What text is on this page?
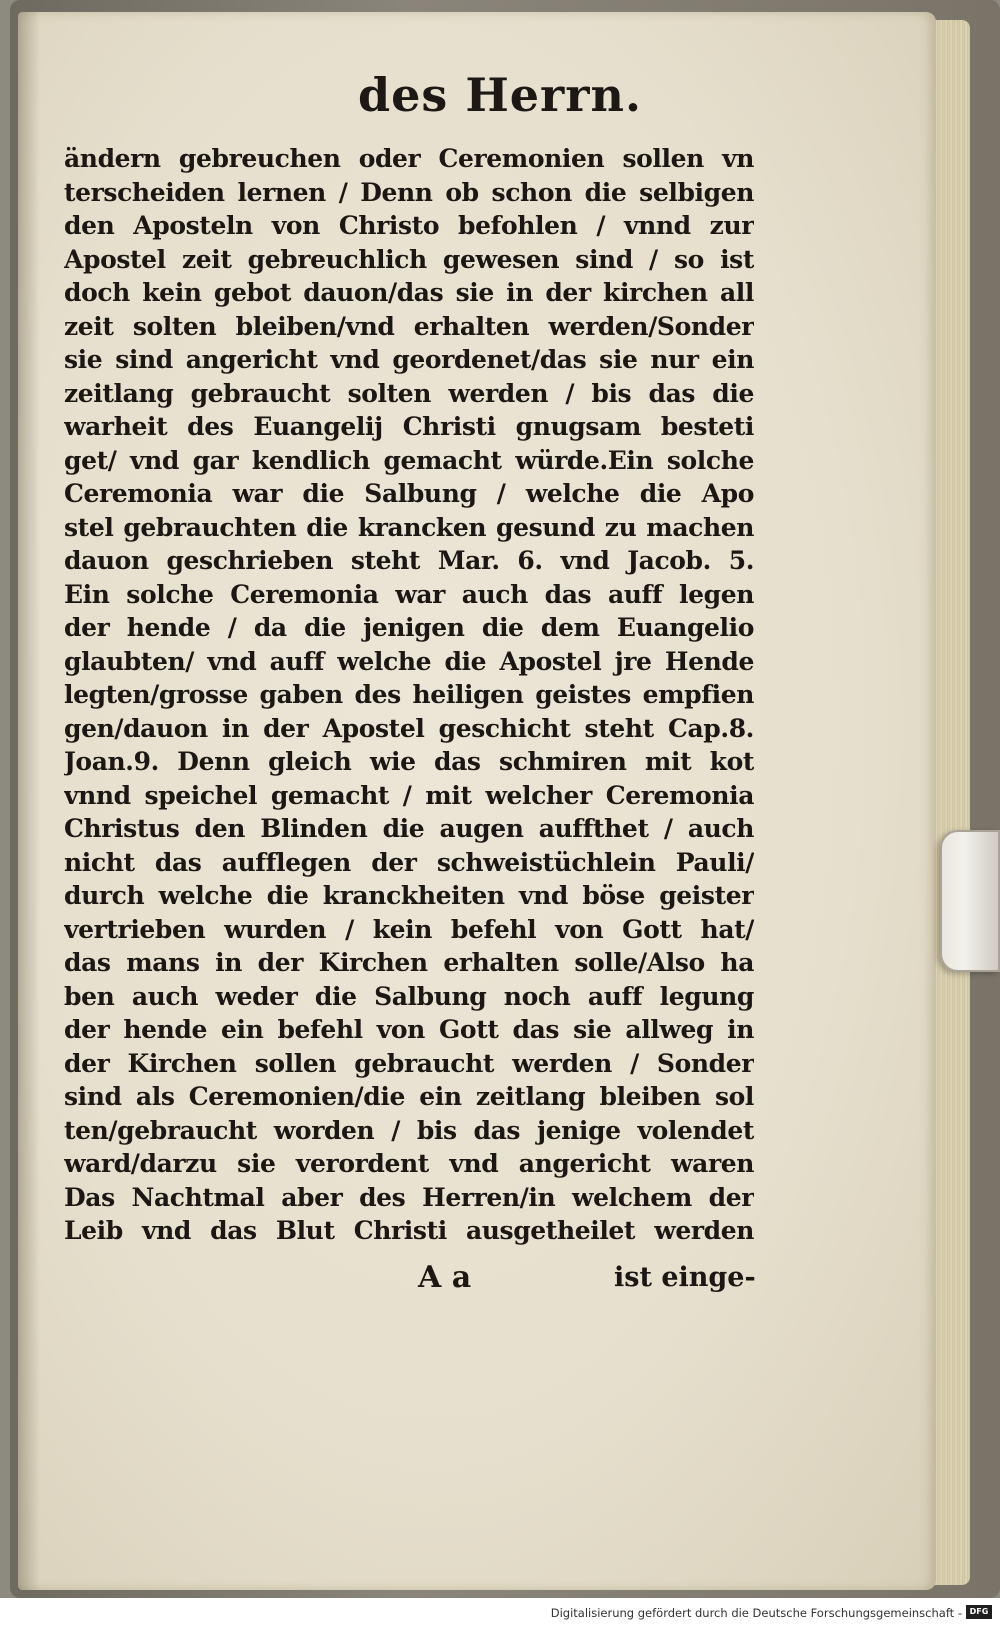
des Herrn.
ändern gebreuchen oder Ceremonien sollen vn
terscheiden lernen / Denn ob schon die selbigen
den Aposteln von Christo befohlen / vnnd zur
Apostel zeit gebreuchlich gewesen sind / so ist
doch kein gebot dauon/das sie in der kirchen all
zeit solten bleiben/vnd erhalten werden/Sonder
sie sind angericht vnd geordenet/das sie nur ein
zeitlang gebraucht solten werden / bis das die
warheit des Euangelij Christi gnugsam besteti
get/ vnd gar kendlich gemacht würde.Ein solche
Ceremonia war die Salbung / welche die Apo
stel gebrauchten die krancken gesund zu machen
dauon geschrieben steht Mar. 6. vnd Jacob. 5.
Ein solche Ceremonia war auch das auff legen
der hende / da die jenigen die dem Euangelio
glaubten/ vnd auff welche die Apostel jre Hende
legten/grosse gaben des heiligen geistes empfien
gen/dauon in der Apostel geschicht steht Cap.8.
Joan.9. Denn gleich wie das schmiren mit kot
vnnd speichel gemacht / mit welcher Ceremonia
Christus den Blinden die augen auffthet / auch
nicht das aufflegen der schweistüchlein Pauli/
durch welche die kranckheiten vnd böse geister
vertrieben wurden / kein befehl von Gott hat/
das mans in der Kirchen erhalten solle/Also ha
ben auch weder die Salbung noch auff legung
der hende ein befehl von Gott das sie allweg in
der Kirchen sollen gebraucht werden / Sonder
sind als Ceremonien/die ein zeitlang bleiben sol
ten/gebraucht worden / bis das jenige volendet
ward/darzu sie verordent vnd angericht waren
Das Nachtmal aber des Herren/in welchem der
Leib vnd das Blut Christi ausgetheilet werden
A a	ist einge-
Digitalisierung gefördert durch die Deutsche Forschungsgemeinschaft - DFG
